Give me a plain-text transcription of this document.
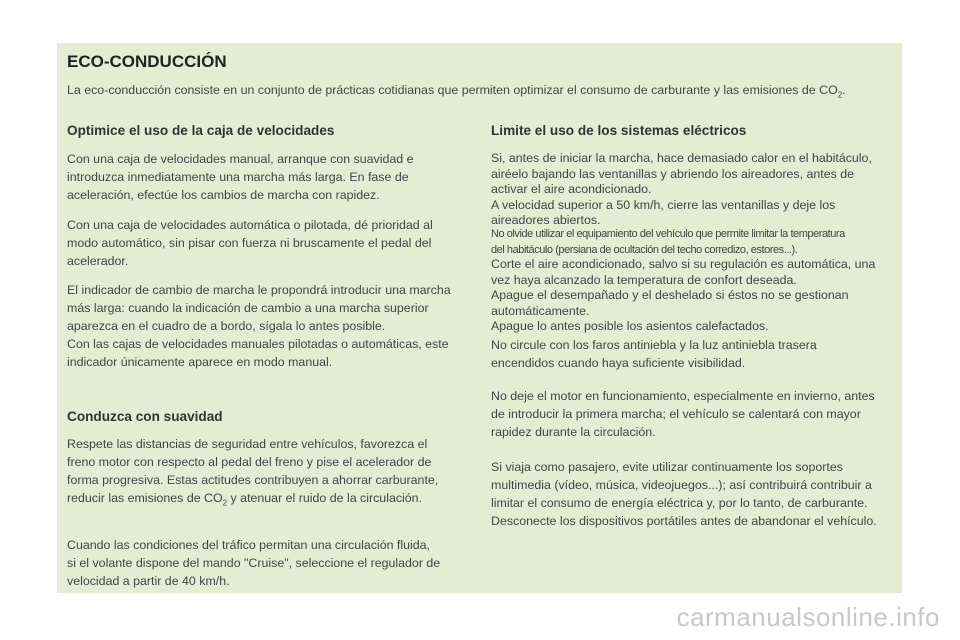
ECO-CONDUCCIÓN

La eco-conducción consiste en un conjunto de prácticas cotidianas que permiten optimizar el consumo de carburante y las emisiones de $CO_2$.

Optimice el uso de la caja de velocidades

Con una caja de velocidades manual, arranque con suavidad e
introduzca inmediatamente una marcha más larga. En fase de
aceleración, efectúe los cambios de marcha con rapidez.

Con una caja de velocidades automática o pilotada, dé prioridad al
modo automático, sin pisar con fuerza ni bruscamente el pedal del
acelerador.

El indicador de cambio de marcha le propondrá introducir una marcha
más larga: cuando la indicación de cambio a una marcha superior
aparezca en el cuadro de a bordo, sígala lo antes posible.
Con las cajas de velocidades manuales pilotadas o automáticas, este
indicador únicamente aparece en modo manual.

Conduzca con suavidad

Respete las distancias de seguridad entre vehículos, favorezca el
freno motor con respecto al pedal del freno y pise el acelerador de
forma progresiva. Estas actitudes contribuyen a ahorrar carburante,
reducir las emisiones de $CO_2$ y atenuar el ruido de la circulación.

Cuando las condiciones del tráfico permitan una circulación fluida,
si el volante dispone del mando "Cruise", seleccione el regulador de
velocidad a partir de 40 km/h.

Limite el uso de los sistemas eléctricos

Si, antes de iniciar la marcha, hace demasiado calor en el habitáculo,
airéelo bajando las ventanillas y abriendo los aireadores, antes de
activar el aire acondicionado.
A velocidad superior a 50 km/h, cierre las ventanillas y deje los
aireadores abiertos.

No olvide utilizar el equipamiento del vehículo que permite limitar la temperatura
del habitáculo (persiana de ocultación del techo corredizo, estores...).

Corte el aire acondicionado, salvo si su regulación es automática, una
vez haya alcanzado la temperatura de confort deseada.
Apague el desempañado y el deshelado si éstos no se gestionan
automáticamente.
Apague lo antes posible los asientos calefactados.

No circule con los faros antiniebla y la luz antiniebla trasera
encendidos cuando haya suficiente visibilidad.

No deje el motor en funcionamiento, especialmente en invierno, antes
de introducir la primera marcha; el vehículo se calentará con mayor
rapidez durante la circulación.

Si viaja como pasajero, evite utilizar continuamente los soportes
multimedia (vídeo, música, videojuegos...); así contribuirá contribuir a
limitar el consumo de energía eléctrica y, por lo tanto, de carburante.
Desconecte los dispositivos portátiles antes de abandonar el vehículo.

carmanualsonline.info
